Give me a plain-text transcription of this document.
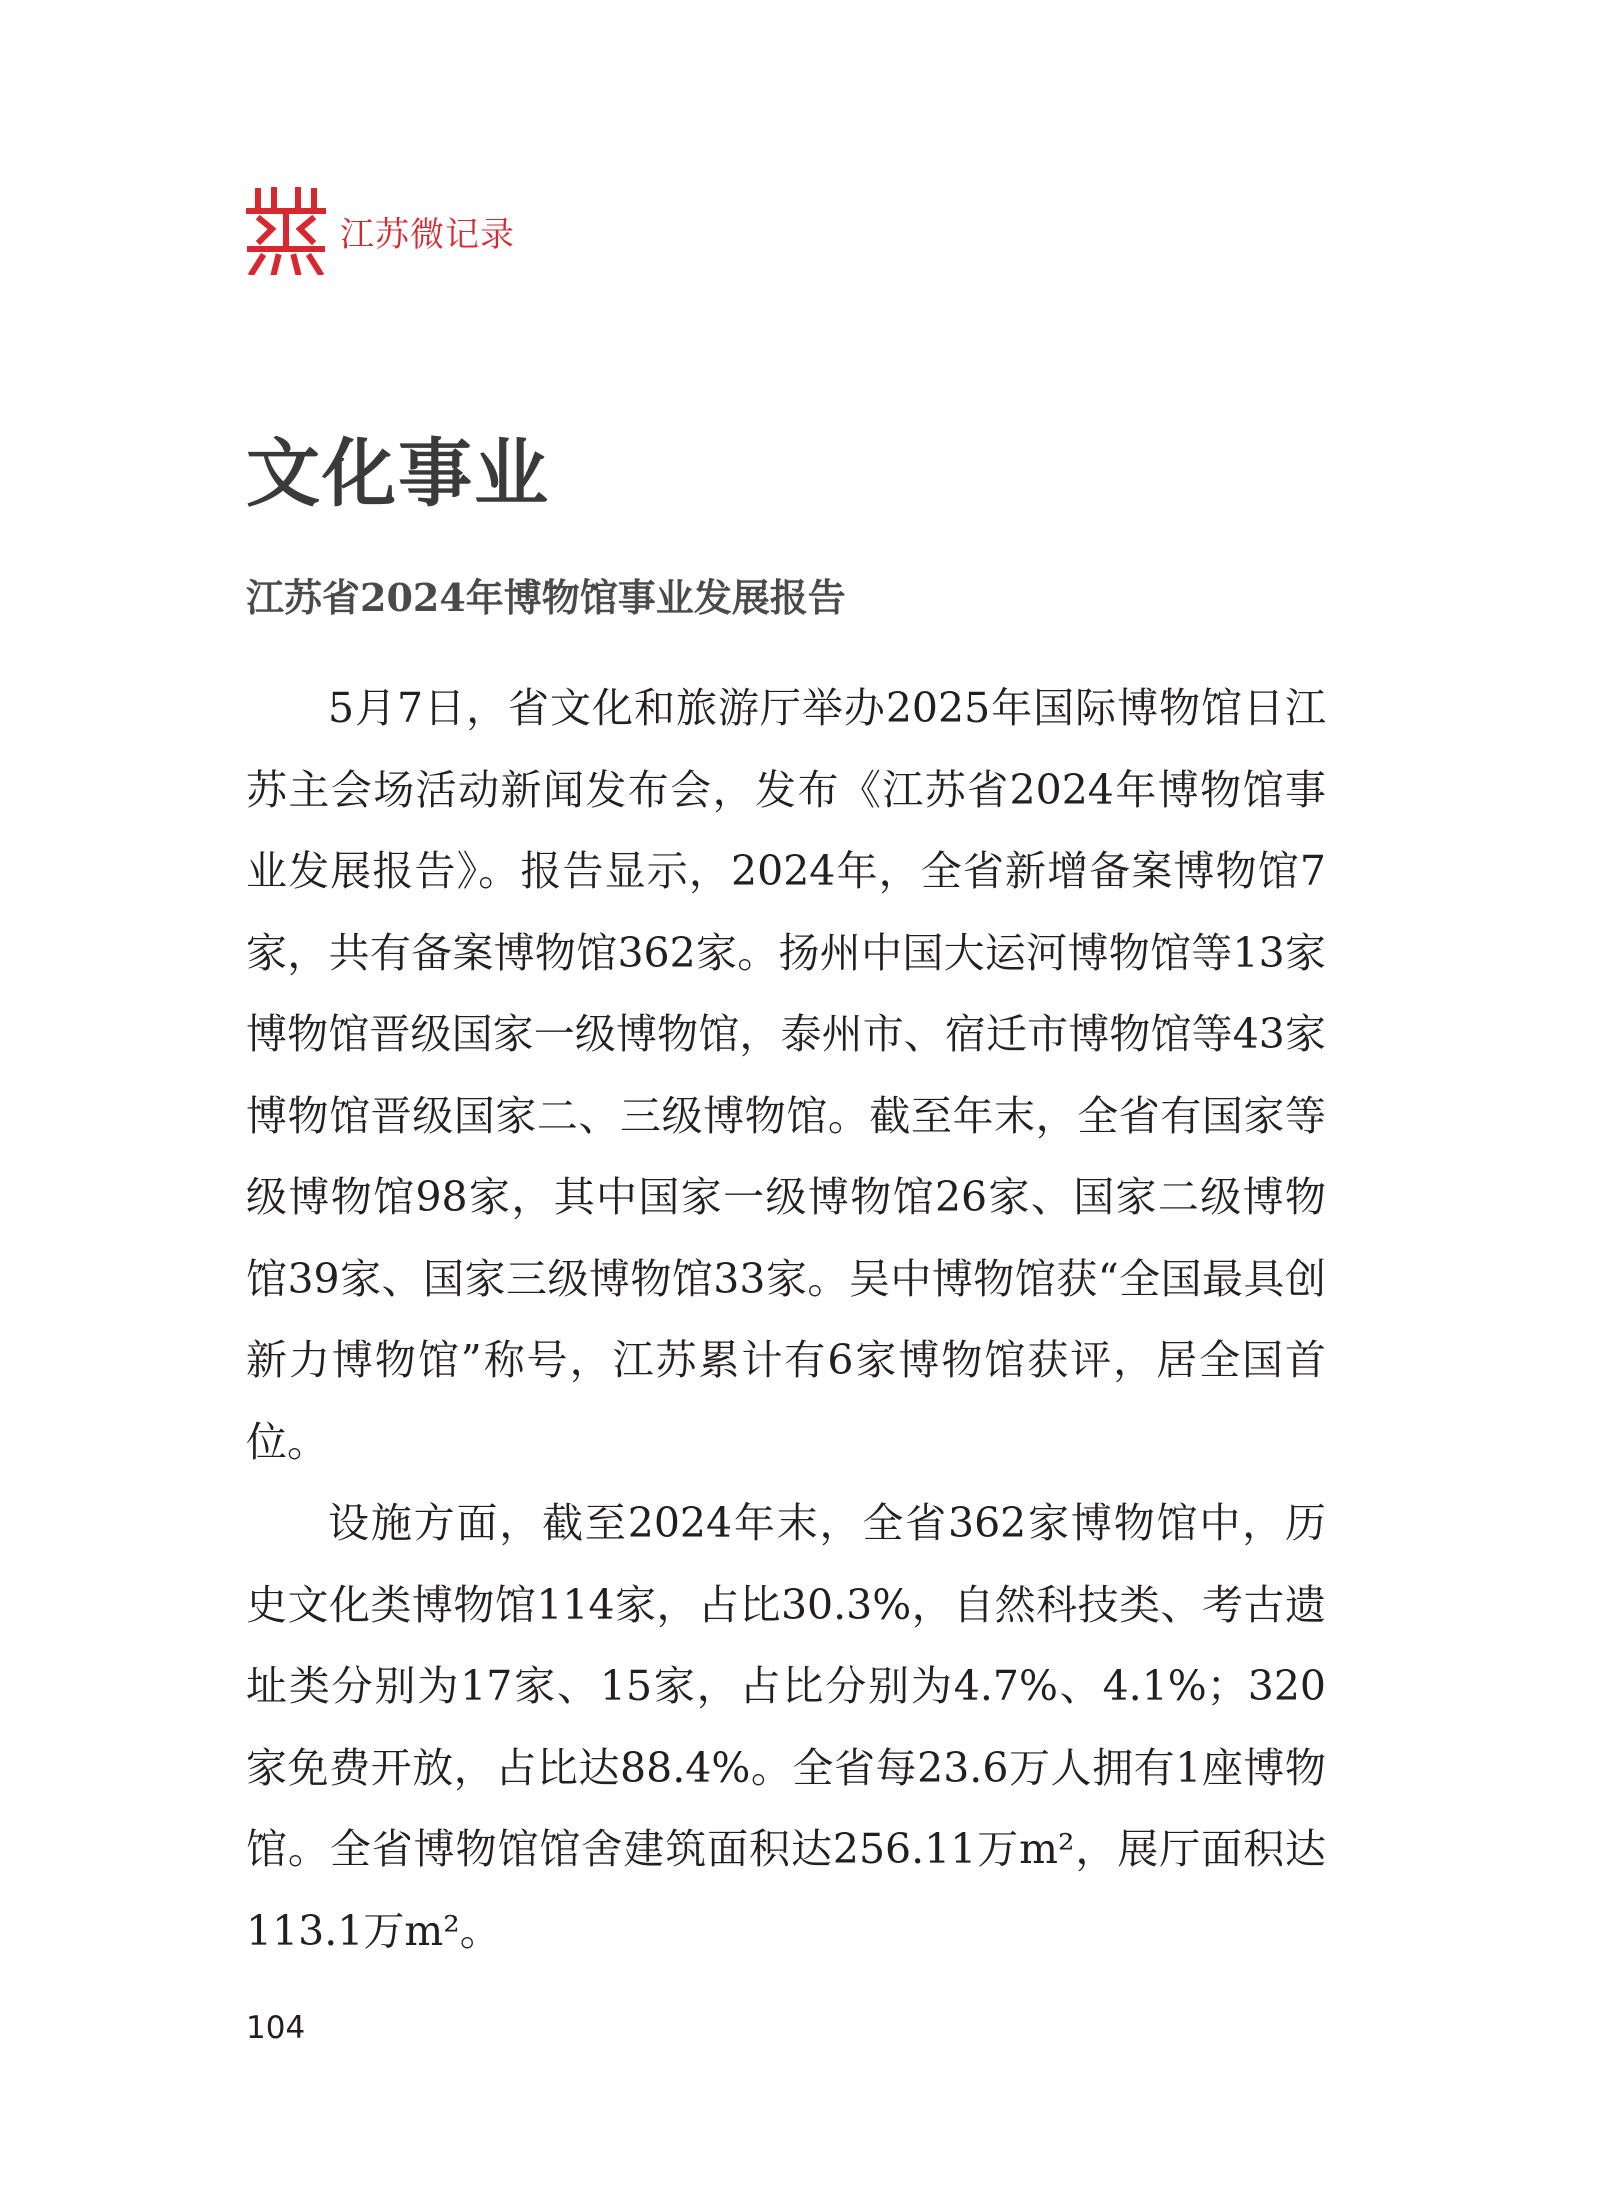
江苏微记录
文化事业
江苏省2024年博物馆事业发展报告

5月7日，省文化和旅游厅举办2025年国际博物馆日江苏主会场活动新闻发布会，发布《江苏省2024年博物馆事业发展报告》。报告显示，2024年，全省新增备案博物馆7家，共有备案博物馆362家。扬州中国大运河博物馆等13家博物馆晋级国家一级博物馆，泰州市、宿迁市博物馆等43家博物馆晋级国家二、三级博物馆。截至年末，全省有国家等级博物馆98家，其中国家一级博物馆26家、国家二级博物馆39家、国家三级博物馆33家。吴中博物馆获“全国最具创新力博物馆”称号，江苏累计有6家博物馆获评，居全国首位。

设施方面，截至2024年末，全省362家博物馆中，历史文化类博物馆114家，占比30.3%，自然科技类、考古遗址类分别为17家、15家，占比分别为4.7%、4.1%；320家免费开放，占比达88.4%。全省每23.6万人拥有1座博物馆。全省博物馆馆舍建筑面积达256.11万m²，展厅面积达113.1万m²。

104
